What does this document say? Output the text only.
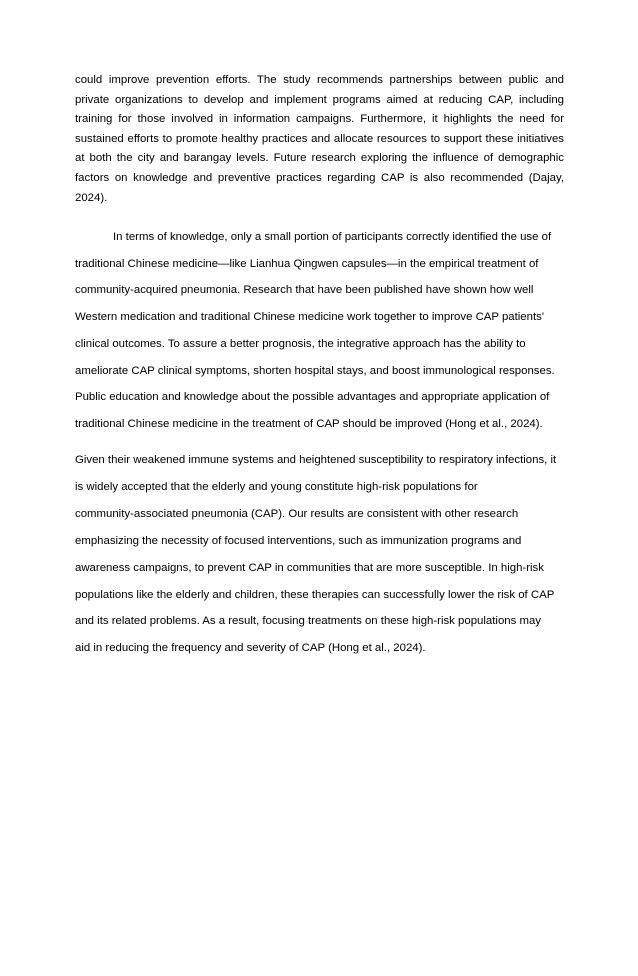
could improve prevention efforts. The study recommends partnerships between public and
private organizations to develop and implement programs aimed at reducing CAP, including
training for those involved in information campaigns. Furthermore, it highlights the need for
sustained efforts to promote healthy practices and allocate resources to support these initiatives
at both the city and barangay levels. Future research exploring the influence of demographic
factors on knowledge and preventive practices regarding CAP is also recommended (Dajay,
2024).
In terms of knowledge, only a small portion of participants correctly identified the use of
traditional Chinese medicine—like Lianhua Qingwen capsules—in the empirical treatment of
community-acquired pneumonia. Research that have been published have shown how well
Western medication and traditional Chinese medicine work together to improve CAP patients'
clinical outcomes. To assure a better prognosis, the integrative approach has the ability to
ameliorate CAP clinical symptoms, shorten hospital stays, and boost immunological responses.
Public education and knowledge about the possible advantages and appropriate application of
traditional Chinese medicine in the treatment of CAP should be improved (Hong et al., 2024).
Given their weakened immune systems and heightened susceptibility to respiratory infections, it
is widely accepted that the elderly and young constitute high-risk populations for
community-associated pneumonia (CAP). Our results are consistent with other research
emphasizing the necessity of focused interventions, such as immunization programs and
awareness campaigns, to prevent CAP in communities that are more susceptible. In high-risk
populations like the elderly and children, these therapies can successfully lower the risk of CAP
and its related problems. As a result, focusing treatments on these high-risk populations may
aid in reducing the frequency and severity of CAP (Hong et al., 2024).
